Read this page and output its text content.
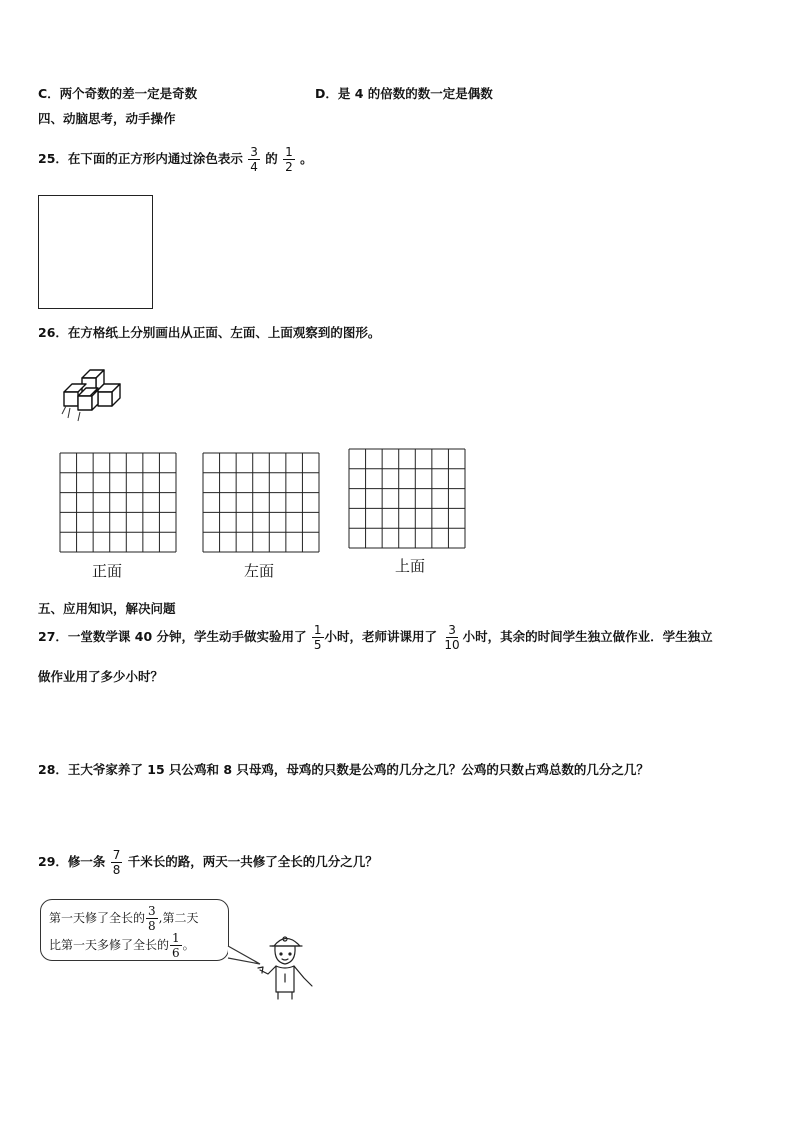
C．两个奇数的差一定是奇数	D．是 4 的倍数的数一定是偶数
四、动脑思考，动手操作
25．在下面的正方形内通过涂色表示 $\frac{3}{4}$ 的 $\frac{1}{2}$ 。
26．在方格纸上分别画出从正面、左面、上面观察到的图形。
正面	左面	上面
五、应用知识，解决问题
27．一堂数学课 40 分钟，学生动手做实验用了 $\frac{1}{5}$ 小时，老师讲课用了 $\frac{3}{10}$ 小时，其余的时间学生独立做作业．学生独立
做作业用了多少小时？
28．王大爷家养了 15 只公鸡和 8 只母鸡，母鸡的只数是公鸡的几分之几？公鸡的只数占鸡总数的几分之几？
29．修一条 $\frac{7}{8}$ 千米长的路，两天一共修了全长的几分之几？
第一天修了全长的 $\frac{3}{8}$ ,第二天
比第一天多修了全长的 $\frac{1}{6}$ 。
